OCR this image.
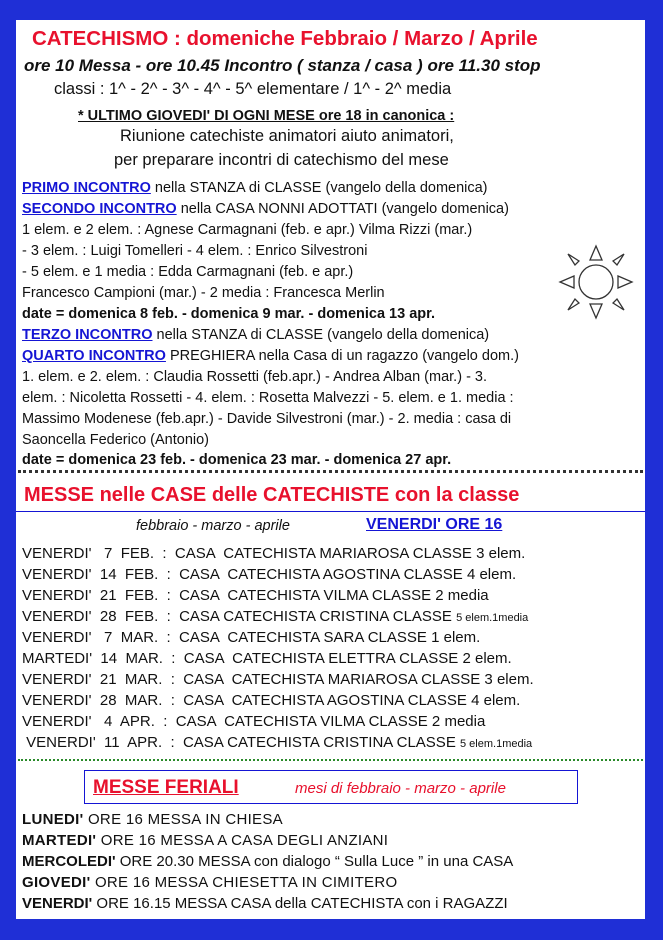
CATECHISMO : domeniche Febbraio / Marzo / Aprile
ore 10 Messa - ore 10.45 Incontro ( stanza / casa ) ore 11.30 stop
classi : 1^ - 2^ - 3^ - 4^ - 5^ elementare / 1^ - 2^ media
* ULTIMO GIOVEDI' DI OGNI MESE ore 18 in canonica :
Riunione catechiste animatori aiuto animatori,
per preparare incontri di catechismo del mese
PRIMO INCONTRO nella STANZA di CLASSE (vangelo della domenica)
SECONDO INCONTRO nella CASA NONNI ADOTTATI (vangelo domenica)
1 elem. e 2 elem. : Agnese Carmagnani (feb. e apr.) Vilma Rizzi (mar.)
- 3 elem. : Luigi Tomelleri - 4 elem. : Enrico Silvestroni
- 5 elem. e 1 media : Edda Carmagnani (feb. e apr.)
Francesco Campioni (mar.) - 2 media : Francesca Merlin
date = domenica 8 feb. - domenica 9 mar. - domenica 13 apr.
TERZO INCONTRO nella STANZA di CLASSE (vangelo della domenica)
QUARTO INCONTRO PREGHIERA nella Casa di un ragazzo (vangelo dom.)
1. elem. e 2. elem. : Claudia Rossetti (feb.apr.) - Andrea Alban (mar.) - 3.
elem. : Nicoletta Rossetti - 4. elem. : Rosetta Malvezzi - 5. elem. e 1. media :
Massimo Modenese (feb.apr.) - Davide Silvestroni (mar.) - 2. media : casa di
Saoncella Federico (Antonio)
date = domenica 23 feb. - domenica 23 mar. - domenica 27 apr.
MESSE nelle CASE delle CATECHISTE con la classe
febbraio - marzo - aprile	VENERDI' ORE 16
VENERDI'   7  FEB.  :  CASA  CATECHISTA MARIAROSA CLASSE 3 elem.
VENERDI'  14  FEB.  :  CASA  CATECHISTA AGOSTINA CLASSE 4 elem.
VENERDI'  21  FEB.  :  CASA  CATECHISTA VILMA CLASSE 2 media
VENERDI'  28  FEB.  :  CASA CATECHISTA CRISTINA CLASSE 5 elem.1media
VENERDI'   7  MAR.  :  CASA  CATECHISTA SARA CLASSE 1 elem.
MARTEDI'  14  MAR.  :  CASA  CATECHISTA ELETTRA CLASSE 2 elem.
VENERDI'  21  MAR.  :  CASA  CATECHISTA MARIAROSA CLASSE 3 elem.
VENERDI'  28  MAR.  :  CASA  CATECHISTA AGOSTINA CLASSE 4 elem.
VENERDI'   4  APR.  :  CASA  CATECHISTA VILMA CLASSE 2 media
VENERDI'  11  APR.  :  CASA CATECHISTA CRISTINA CLASSE 5 elem.1media
MESSE FERIALI	mesi di febbraio - marzo - aprile
LUNEDI' ORE 16 MESSA IN CHIESA
MARTEDI' ORE 16 MESSA A CASA DEGLI ANZIANI
MERCOLEDI' ORE 20.30 MESSA con dialogo “ Sulla Luce ” in una CASA
GIOVEDI' ORE 16 MESSA CHIESETTA IN CIMITERO
VENERDI' ORE 16.15 MESSA CASA della CATECHISTA con i RAGAZZI
